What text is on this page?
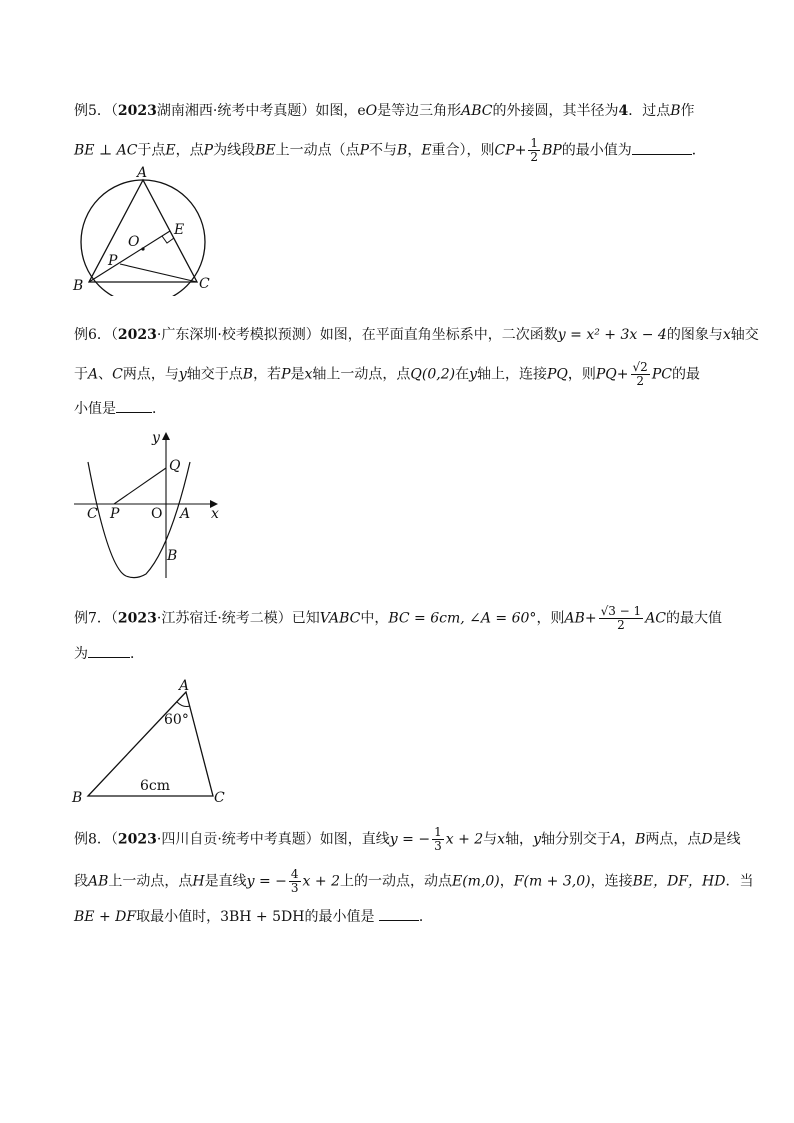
例5．（2023湖南湘西·统考中考真题）如图，eO是等边三角形ABC的外接圆，其半径为4．过点B作
BE ⊥ AC于点E，点P为线段BE上一动点（点P不与B，E重合），则$CP+ \frac{1}{2}$ BP的最小值为	．
A
B	C
E
O
P
例6．（2023·广东深圳·校考模拟预测）如图，在平面直角坐标系中，二次函数y = x² + 3x − 4的图象与x轴交
于A、C两点，与y轴交于点B，若P是x轴上一动点，点Q(0,2)在y轴上，连接PQ，则$PQ+ \frac{√2}{2}$ PC的最
小值是	．
y
x
Q
C P O A
B
例7．（2023·江苏宿迁·统考二模）已知VABC中，BC = 6cm, ∠A = 60°，则$AB+ \frac{√3 - 1}{2}$ AC的最大值
为	．
A
B	C
60°
6cm
例8．（2023·四川自贡·统考中考真题）如图，直线y = − $\frac{1}{3}$ x + 2与x轴，y轴分别交于A，B两点，点D是线
段AB上一动点，点H是直线y = − $\frac{4}{3}$ x + 2上的一动点，动点E(m,0)，F(m + 3,0)，连接BE，DF，HD．当
BE + DF取最小值时，3BH + 5DH的最小值是	．
